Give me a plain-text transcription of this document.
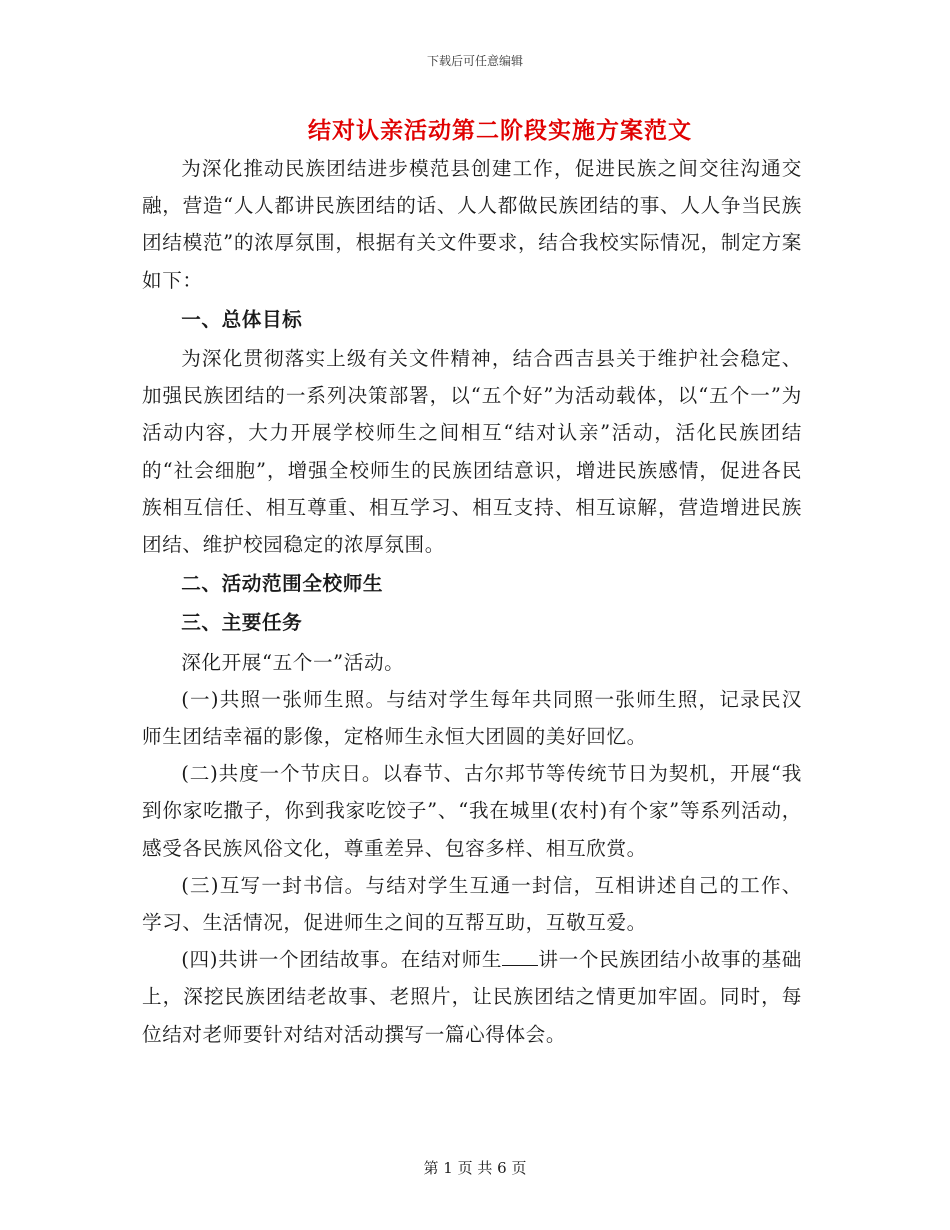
下载后可任意编辑
结对认亲活动第二阶段实施方案范文

为深化推动民族团结进步模范县创建工作，促进民族之间交往沟通交融，营造“人人都讲民族团结的话、人人都做民族团结的事、人人争当民族团结模范”的浓厚氛围，根据有关文件要求，结合我校实际情况，制定方案如下：

一、总体目标

为深化贯彻落实上级有关文件精神，结合西吉县关于维护社会稳定、加强民族团结的一系列决策部署，以“五个好”为活动载体，以“五个一”为活动内容，大力开展学校师生之间相互“结对认亲”活动，活化民族团结的“社会细胞”，增强全校师生的民族团结意识，增进民族感情，促进各民族相互信任、相互尊重、相互学习、相互支持、相互谅解，营造增进民族团结、维护校园稳定的浓厚氛围。

二、活动范围全校师生

三、主要任务

深化开展“五个一”活动。

(一)共照一张师生照。与结对学生每年共同照一张师生照，记录民汉师生团结幸福的影像，定格师生永恒大团圆的美好回忆。

(二)共度一个节庆日。以春节、古尔邦节等传统节日为契机，开展“我到你家吃撒子，你到我家吃饺子”、“我在城里(农村)有个家”等系列活动，感受各民族风俗文化，尊重差异、包容多样、相互欣赏。

(三)互写一封书信。与结对学生互通一封信，互相讲述自己的工作、学习、生活情况，促进师生之间的互帮互助，互敬互爱。

(四)共讲一个团结故事。在结对师生 讲一个民族团结小故事的基础上，深挖民族团结老故事、老照片，让民族团结之情更加牢固。同时，每位结对老师要针对结对活动撰写一篇心得体会。

第 1 页 共 6 页
